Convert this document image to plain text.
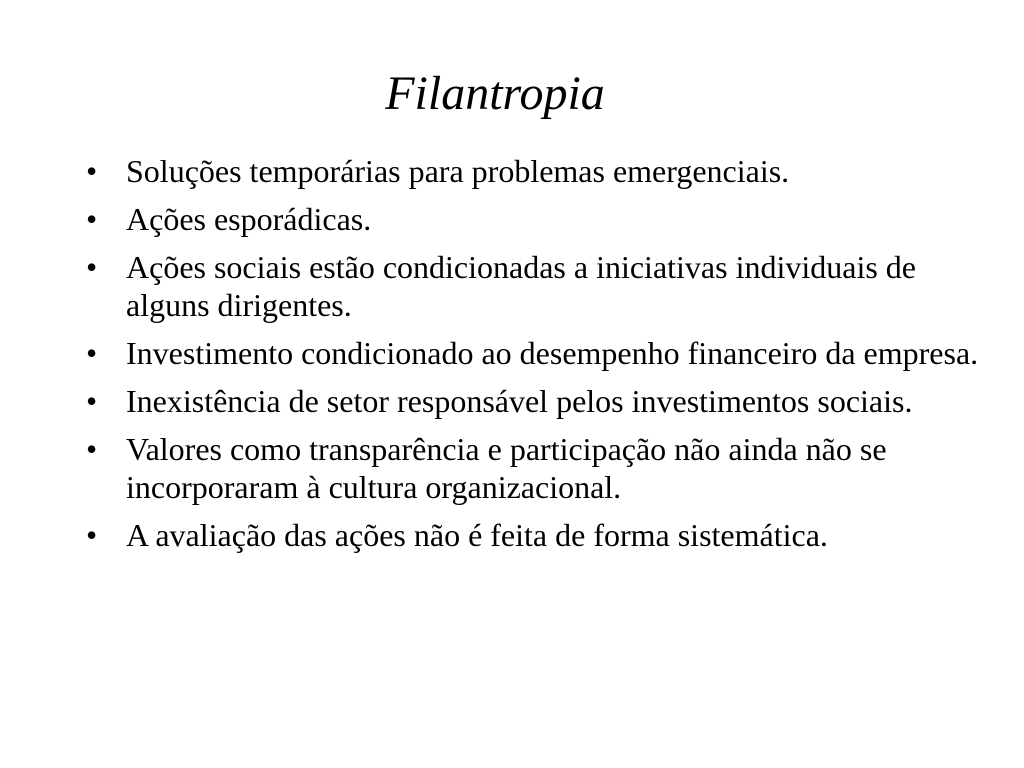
Filantropia
• Soluções temporárias para problemas emergenciais.
• Ações esporádicas.
• Ações sociais estão condicionadas a iniciativas individuais de alguns dirigentes.
• Investimento condicionado ao desempenho financeiro da empresa.
• Inexistência de setor responsável pelos investimentos sociais.
• Valores como transparência e participação não ainda não se incorporaram à cultura organizacional.
• A avaliação das ações não é feita de forma sistemática.
